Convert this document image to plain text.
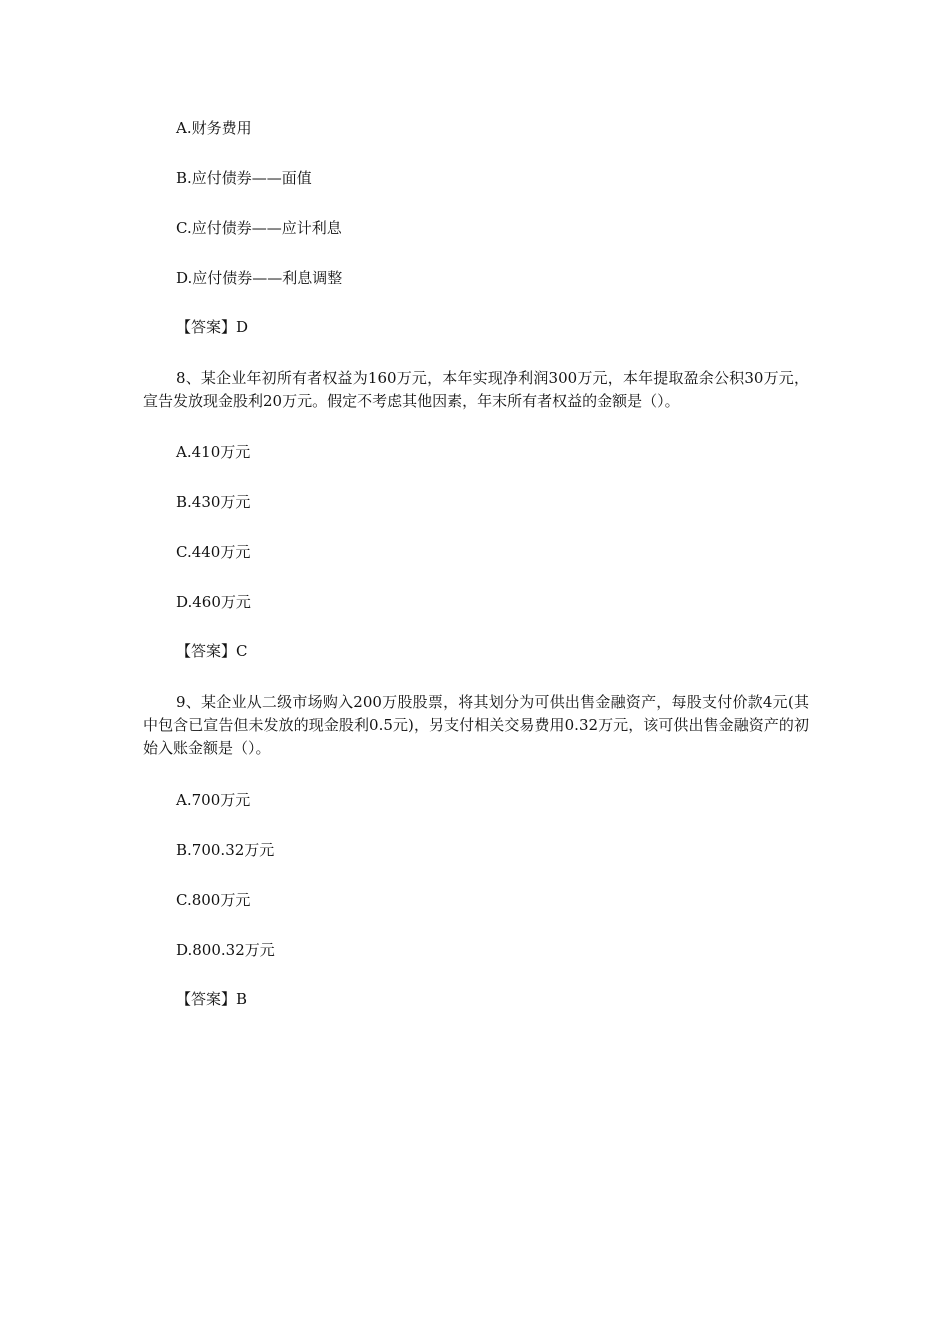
A.财务费用
B.应付债券——面值
C.应付债券——应计利息
D.应付债券——利息调整
【答案】D
8、某企业年初所有者权益为160万元，本年实现净利润300万元，本年提取盈余公积30万元，宣告发放现金股利20万元。假定不考虑其他因素，年末所有者权益的金额是（）。
A.410万元
B.430万元
C.440万元
D.460万元
【答案】C
9、某企业从二级市场购入200万股股票，将其划分为可供出售金融资产，每股支付价款4元(其中包含已宣告但未发放的现金股利0.5元)，另支付相关交易费用0.32万元，该可供出售金融资产的初始入账金额是（）。
A.700万元
B.700.32万元
C.800万元
D.800.32万元
【答案】B
